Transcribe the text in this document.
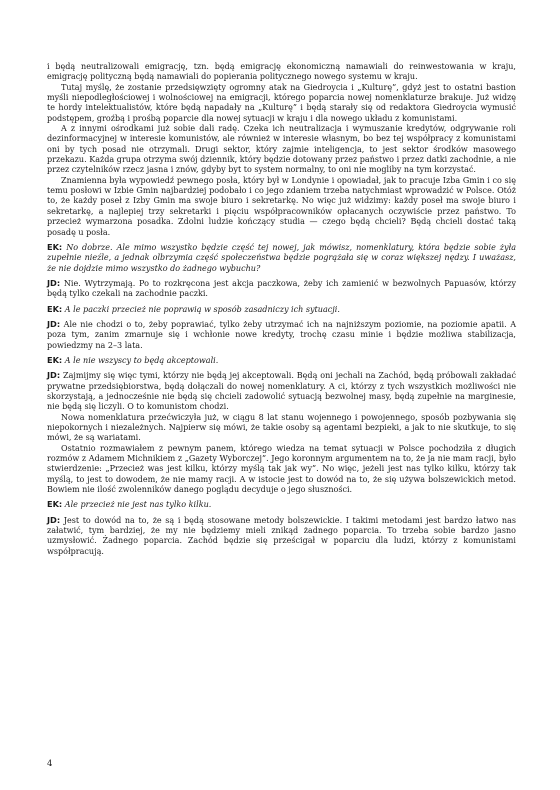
i będą neutralizowali emigrację, tzn. będą emigrację ekonomiczną namawiali do reinwestowania w kraju, emigrację polityczną będą namawiali do popierania politycznego nowego systemu w kraju.

Tutaj myślę, że zostanie przedsięwzięty ogromny atak na Giedroycia i „Kulturę”, gdyż jest to ostatni bastion myśli niepodległościowej i wolnościowej na emigracji, którego poparcia nowej nomenklaturze brakuje. Już widzę te hordy intelektualistów, które będą napadały na „Kulturę” i będą starały się od redaktora Giedroycia wymusić podstępem, groźbą i prośbą poparcie dla nowej sytuacji w kraju i dla nowego układu z komunistami.

A z innymi ośrodkami już sobie dali radę. Czeka ich neutralizacja i wymuszanie kredytów, odgrywanie roli dezinformacyjnej w interesie komunistów, ale również w interesie własnym, bo bez tej współpracy z komunistami oni by tych posad nie otrzymali. Drugi sektor, który zajmie inteligencja, to jest sektor środków masowego przekazu. Każda grupa otrzyma swój dziennik, który będzie dotowany przez państwo i przez datki zachodnie, a nie przez czytelników rzecz jasna i znów, gdyby byt to system normalny, to oni nie mogliby na tym korzystać.

Znamienna była wypowiedź pewnego posła, który był w Londynie i opowiadał, jak to pracuje Izba Gmin i co się temu posłowi w Izbie Gmin najbardziej podobało i co jego zdaniem trzeba natychmiast wprowadzić w Polsce. Otóż to, że każdy poseł z Izby Gmin ma swoje biuro i sekretarkę. No więc już widzimy: każdy poseł ma swoje biuro i sekretarkę, a najlepiej trzy sekretarki i pięciu współpracowników opłacanych oczywiście przez państwo. To przecież wymarzona posadka. Zdolni ludzie kończący studia — czego będą chcieli? Będą chcieli dostać taką posadę u posła.

EK: No dobrze. Ale mimo wszystko będzie część tej nowej, jak mówisz, nomenklatury, która będzie sobie żyła zupełnie nieźle, a jednak olbrzymia część społeczeństwa będzie pogrążała się w coraz większej nędzy. I uważasz, że nie dojdzie mimo wszystko do żadnego wybuchu?

JD: Nie. Wytrzymają. Po to rozkręcona jest akcja paczkowa, żeby ich zamienić w bezwolnych Papuasów, którzy będą tylko czekali na zachodnie paczki.

EK: A le paczki przecież nie poprawią w sposób zasadniczy ich sytuacji.

JD: Ale nie chodzi o to, żeby poprawiać, tylko żeby utrzymać ich na najniższym poziomie, na poziomie apatii. A poza tym, zanim zmarnuje się i wchłonie nowe kredyty, trochę czasu minie i będzie możliwa stabilizacja, powiedzmy na 2–3 lata.

EK: A le nie wszyscy to będą akceptowali.

JD: Zajmijmy się więc tymi, którzy nie będą jej akceptowali. Będą oni jechali na Zachód, będą próbowali zakładać prywatne przedsiębiorstwa, będą dołączali do nowej nomenklatury. A ci, którzy z tych wszystkich możliwości nie skorzystają, a jednocześnie nie będą się chcieli zadowolić sytuacją bezwolnej masy, będą zupełnie na marginesie, nie będą się liczyli. O to komunistom chodzi.

Nowa nomenklatura przećwiczyła już, w ciągu 8 lat stanu wojennego i powojennego, sposób pozbywania się niepokornych i niezależnych. Najpierw się mówi, że takie osoby są agentami bezpieki, a jak to nie skutkuje, to się mówi, że są wariatami.

Ostatnio rozmawiałem z pewnym panem, którego wiedza na temat sytuacji w Polsce pochodziła z długich rozmów z Adamem Michnikiem z „Gazety Wyborczej”. Jego koronnym argumentem na to, że ja nie mam racji, było stwierdzenie: „Przecież was jest kilku, którzy myślą tak jak wy”. No więc, jeżeli jest nas tylko kilku, którzy tak myślą, to jest to dowodem, że nie mamy racji. A w istocie jest to dowód na to, że się używa bolszewickich metod. Bowiem nie ilość zwolenników danego poglądu decyduje o jego słuszności.

EK: Ale przecież nie jest nas tylko kilku.

JD: Jest to dowód na to, że są i będą stosowane metody bolszewickie. I takimi metodami jest bardzo łatwo nas załatwić, tym bardziej, że my nie będziemy mieli znikąd żadnego poparcia. To trzeba sobie bardzo jasno uzmysłowić. Żadnego poparcia. Zachód będzie się prześcigał w poparciu dla ludzi, którzy z komunistami współpracują.

4
